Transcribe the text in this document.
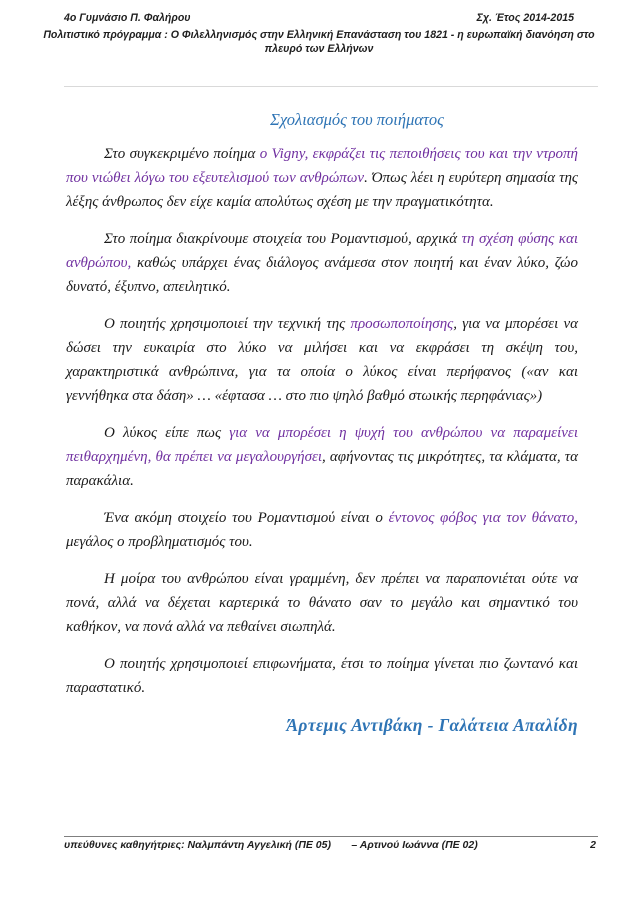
4ο Γυμνάσιο Π. Φαλήρου	Σχ. Έτος 2014-2015
Πολιτιστικό πρόγραμμα : Ο Φιλελληνισμός στην Ελληνική Επανάσταση του 1821 - η ευρωπαϊκή διανόηση στο πλευρό των Ελλήνων
Σχολιασμός του ποιήματος

Στο συγκεκριμένο ποίημα ο Vigny, εκφράζει τις πεποιθήσεις του και την ντροπή που νιώθει λόγω του εξευτελισμού των ανθρώπων. Όπως λέει η ευρύτερη σημασία της λέξης άνθρωπος δεν είχε καμία απολύτως σχέση με την πραγματικότητα.

Στο ποίημα διακρίνουμε στοιχεία του Ρομαντισμού, αρχικά τη σχέση φύσης και ανθρώπου, καθώς υπάρχει ένας διάλογος ανάμεσα στον ποιητή και έναν λύκο, ζώο δυνατό, έξυπνο, απειλητικό.

Ο ποιητής χρησιμοποιεί την τεχνική της προσωποποίησης, για να μπορέσει να δώσει την ευκαιρία στο λύκο να μιλήσει και να εκφράσει τη σκέψη του, χαρακτηριστικά ανθρώπινα, για τα οποία ο λύκος είναι περήφανος («αν και γεννήθηκα στα δάση» … «έφτασα … στο πιο ψηλό βαθμό στωικής περηφάνιας»)

Ο λύκος είπε πως για να μπορέσει η ψυχή του ανθρώπου να παραμείνει πειθαρχημένη, θα πρέπει να μεγαλουργήσει, αφήνοντας τις μικρότητες, τα κλάματα, τα παρακάλια.

Ένα ακόμη στοιχείο του Ρομαντισμού είναι ο έντονος φόβος για τον θάνατο, μεγάλος ο προβληματισμός του.

Η μοίρα του ανθρώπου είναι γραμμένη, δεν πρέπει να παραπονιέται ούτε να πονά, αλλά να δέχεται καρτερικά το θάνατο σαν το μεγάλο και σημαντικό του καθήκον, να πονά αλλά να πεθαίνει σιωπηλά.

Ο ποιητής χρησιμοποιεί επιφωνήματα, έτσι το ποίημα γίνεται πιο ζωντανό και παραστατικό.

Άρτεμις Αντιβάκη - Γαλάτεια Απαλίδη
υπεύθυνες καθηγήτριες: Ναλμπάντη Αγγελική (ΠΕ 05)       – Αρτινού Ιωάννα (ΠΕ 02)	2
